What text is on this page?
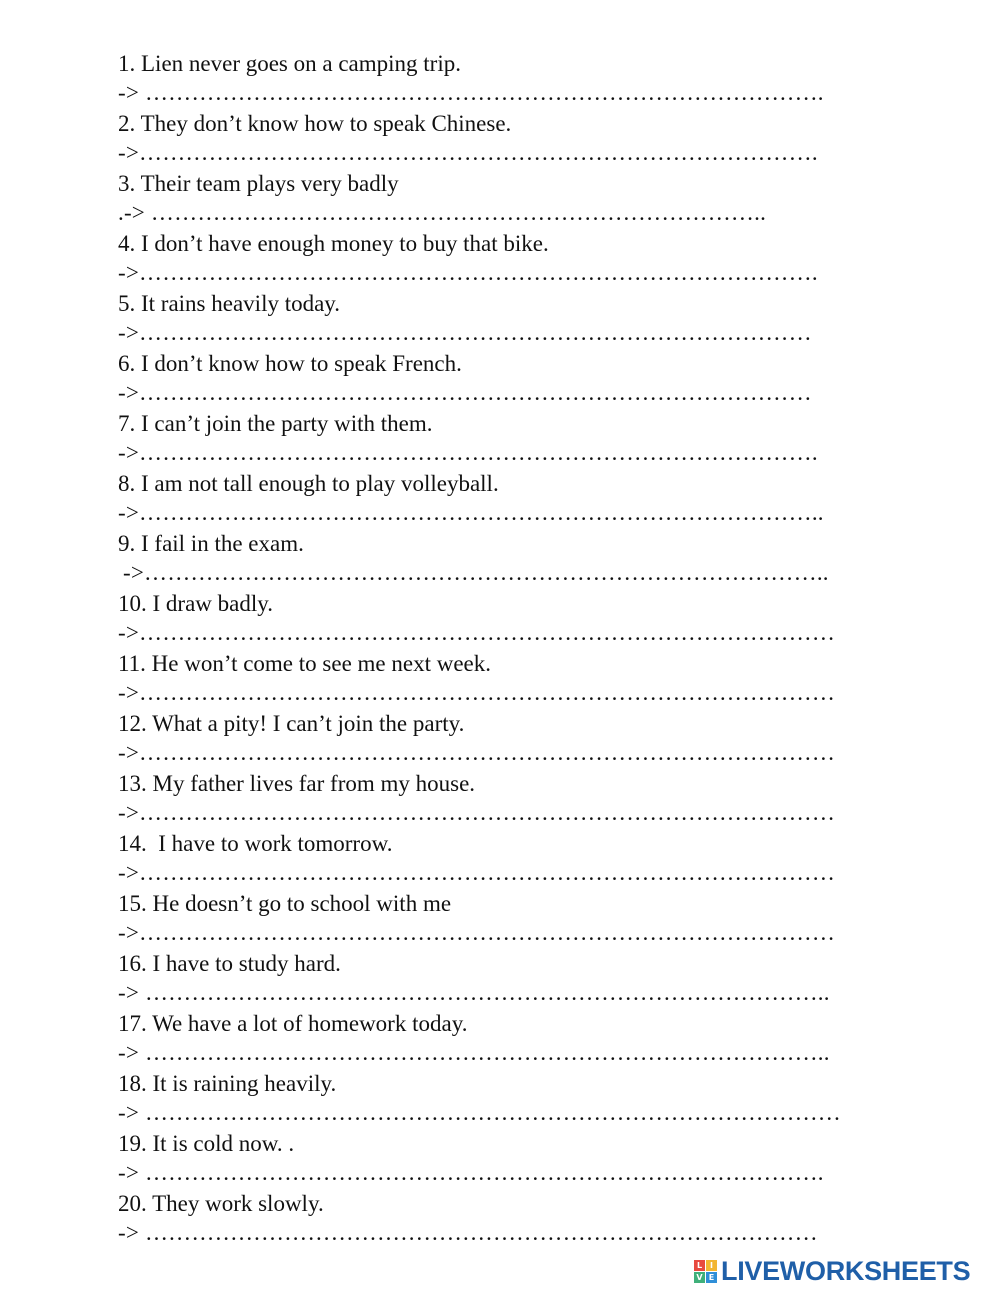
1. Lien never goes on a camping trip.
-> …………………………………………………………………………….
2. They don’t know how to speak Chinese.
->…………………………………………………………………………….
3. Their team plays very badly
.-> ……………………………………………………………………..
4. I don’t have enough money to buy that bike.
->…………………………………………………………………………….
5. It rains heavily today.
->……………………………………………………………………………
6. I don’t know how to speak French.
->……………………………………………………………………………
7. I can’t join the party with them.
->…………………………………………………………………………….
8. I am not tall enough to play volleyball.
->……………………………………………………………………………..
9. I fail in the exam.
->……………………………………………………………………………..
10. I draw badly.
->………………………………………………………………………………
11. He won’t come to see me next week.
->………………………………………………………………………………
12. What a pity! I can’t join the party.
->………………………………………………………………………………
13. My father lives far from my house.
->………………………………………………………………………………
14.  I have to work tomorrow.
->………………………………………………………………………………
15. He doesn’t go to school with me
->………………………………………………………………………………
16. I have to study hard.
-> ……………………………………………………………………………..
17. We have a lot of homework today.
-> ……………………………………………………………………………..
18. It is raining heavily.
-> ………………………………………………………………………………
19. It is cold now. .
-> …………………………………………………………………………….
20. They work slowly.
-> ……………………………………………………………………………
L I
V E LIVEWORKSHEETS
